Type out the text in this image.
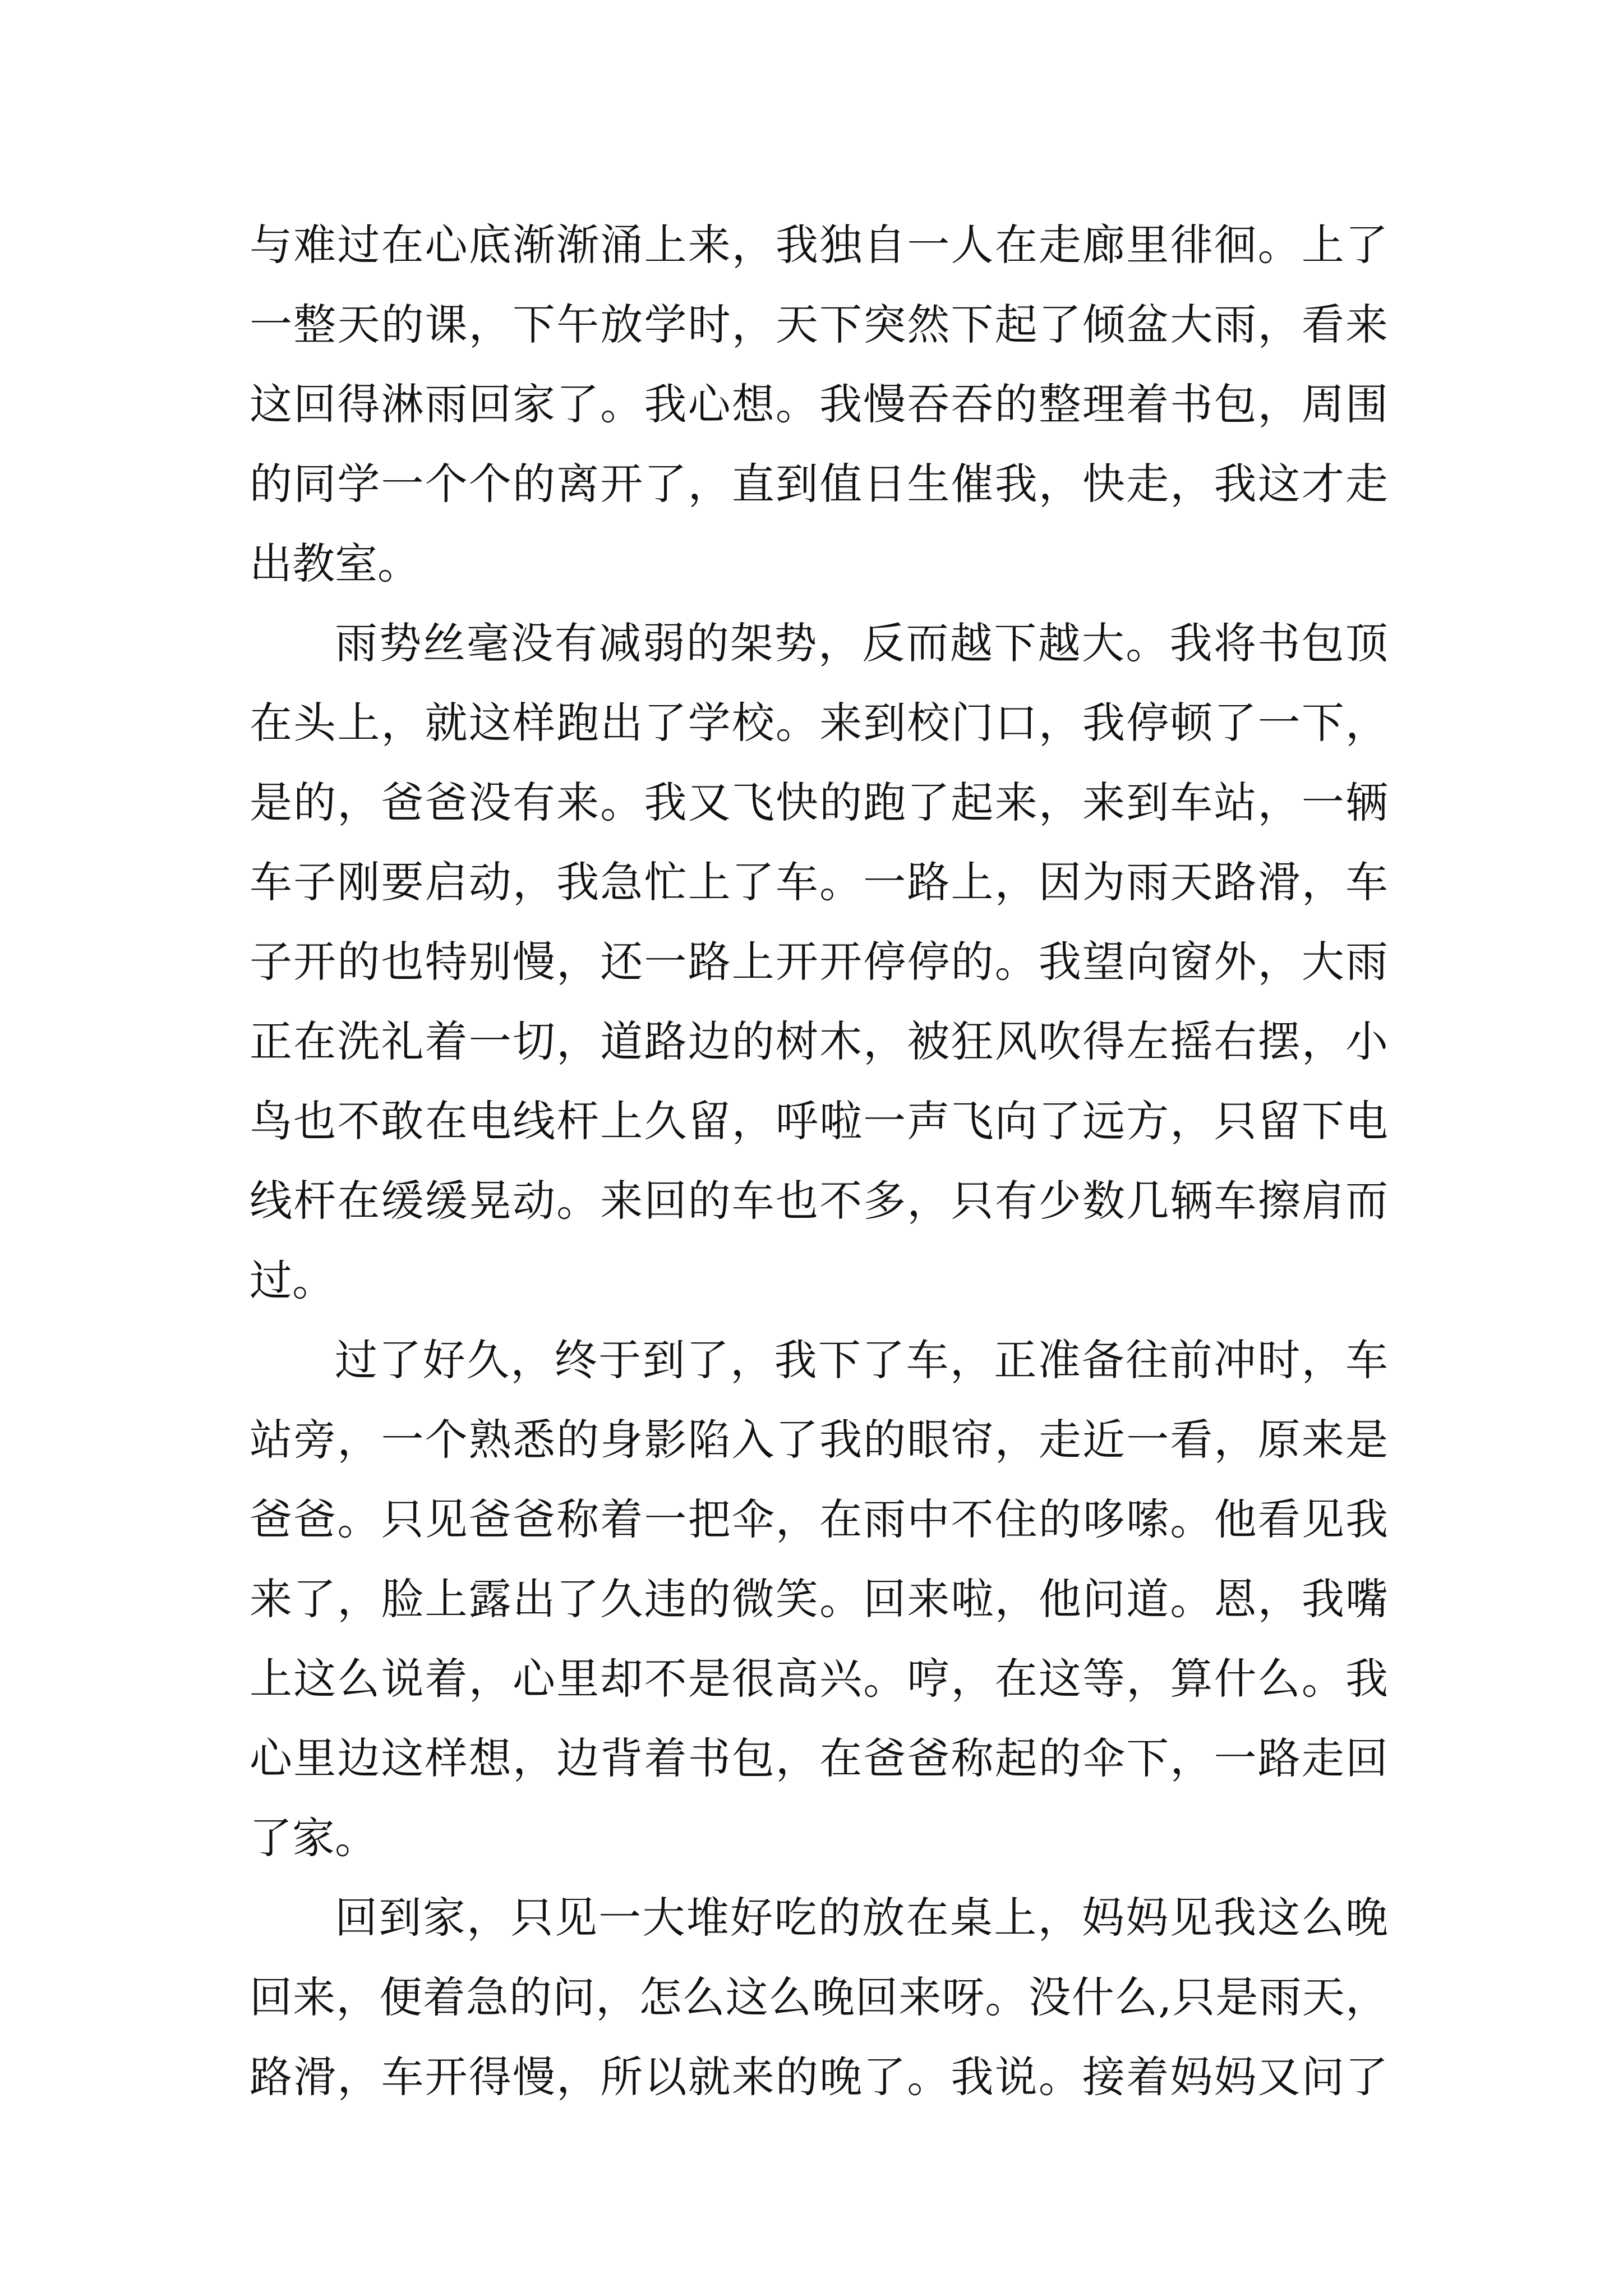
与难过在心底渐渐涌上来，我独自一人在走廊里徘徊。上了
一整天的课，下午放学时，天下突然下起了倾盆大雨，看来
这回得淋雨回家了。我心想。我慢吞吞的整理着书包，周围
的同学一个个的离开了，直到值日生催我，快走，我这才走
出教室。
雨势丝毫没有减弱的架势，反而越下越大。我将书包顶
在头上，就这样跑出了学校。来到校门口，我停顿了一下，
是的，爸爸没有来。我又飞快的跑了起来，来到车站，一辆
车子刚要启动，我急忙上了车。一路上，因为雨天路滑，车
子开的也特别慢，还一路上开开停停的。我望向窗外，大雨
正在洗礼着一切，道路边的树木，被狂风吹得左摇右摆，小
鸟也不敢在电线杆上久留，呼啦一声飞向了远方，只留下电
线杆在缓缓晃动。来回的车也不多，只有少数几辆车擦肩而
过。
过了好久，终于到了，我下了车，正准备往前冲时，车
站旁，一个熟悉的身影陷入了我的眼帘，走近一看，原来是
爸爸。只见爸爸称着一把伞，在雨中不住的哆嗦。他看见我
来了，脸上露出了久违的微笑。回来啦，他问道。恩，我嘴
上这么说着，心里却不是很高兴。哼，在这等，算什么。我
心里边这样想，边背着书包，在爸爸称起的伞下，一路走回
了家。
回到家，只见一大堆好吃的放在桌上，妈妈见我这么晚
回来，便着急的问，怎么这么晚回来呀。没什么,只是雨天，
路滑，车开得慢，所以就来的晚了。我说。接着妈妈又问了
